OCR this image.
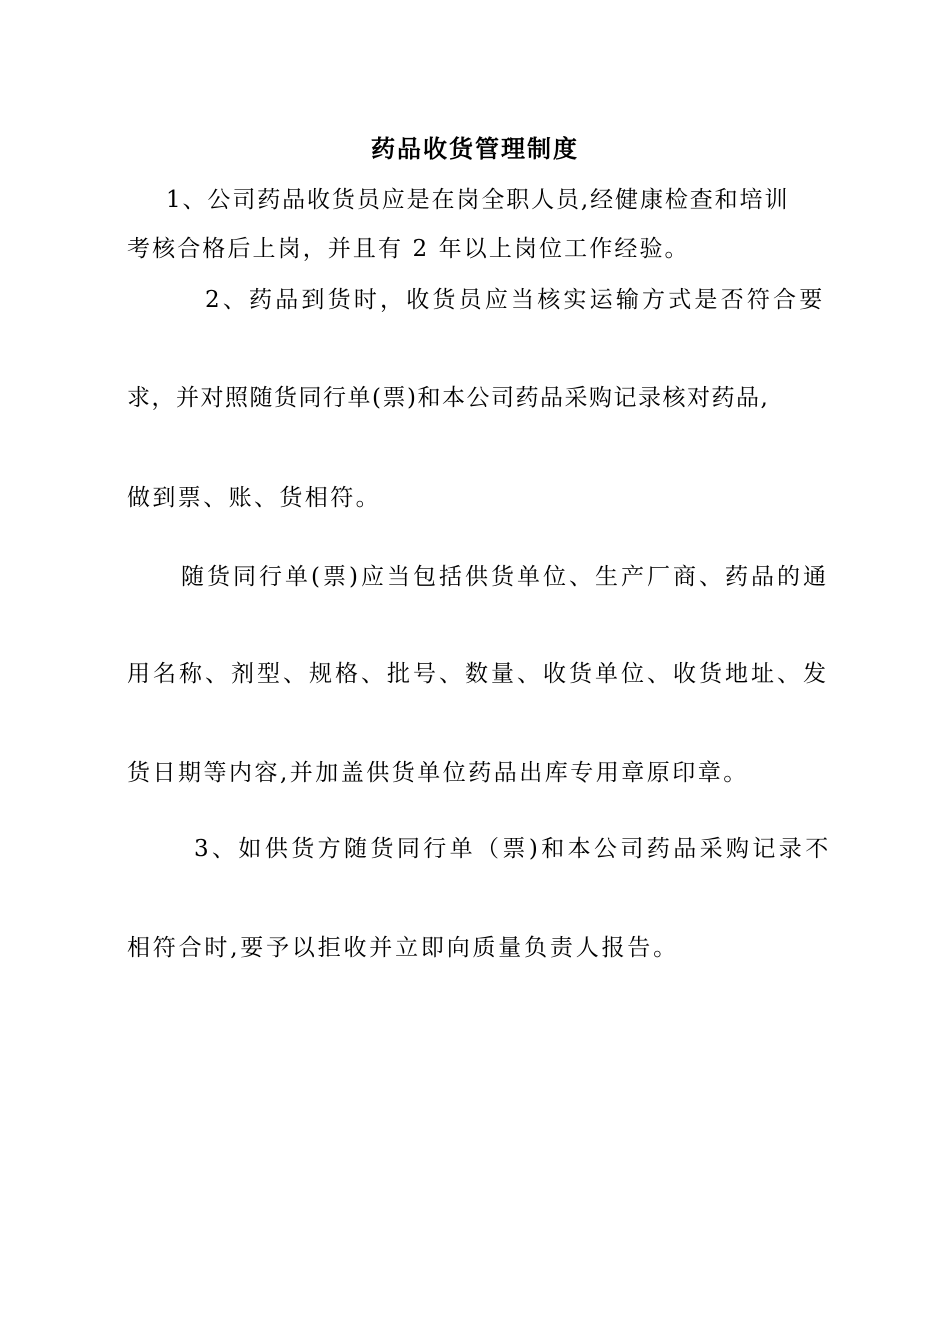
药品收货管理制度
1、公司药品收货员应是在岗全职人员,经健康检查和培训
考核合格后上岗，并且有 2 年以上岗位工作经验。
2、药品到货时，收货员应当核实运输方式是否符合要
求，并对照随货同行单(票)和本公司药品采购记录核对药品,
做到票、账、货相符。
随货同行单(票)应当包括供货单位、生产厂商、药品的通
用名称、剂型、规格、批号、数量、收货单位、收货地址、发
货日期等内容,并加盖供货单位药品出库专用章原印章。
3、如供货方随货同行单（票)和本公司药品采购记录不
相符合时,要予以拒收并立即向质量负责人报告。
